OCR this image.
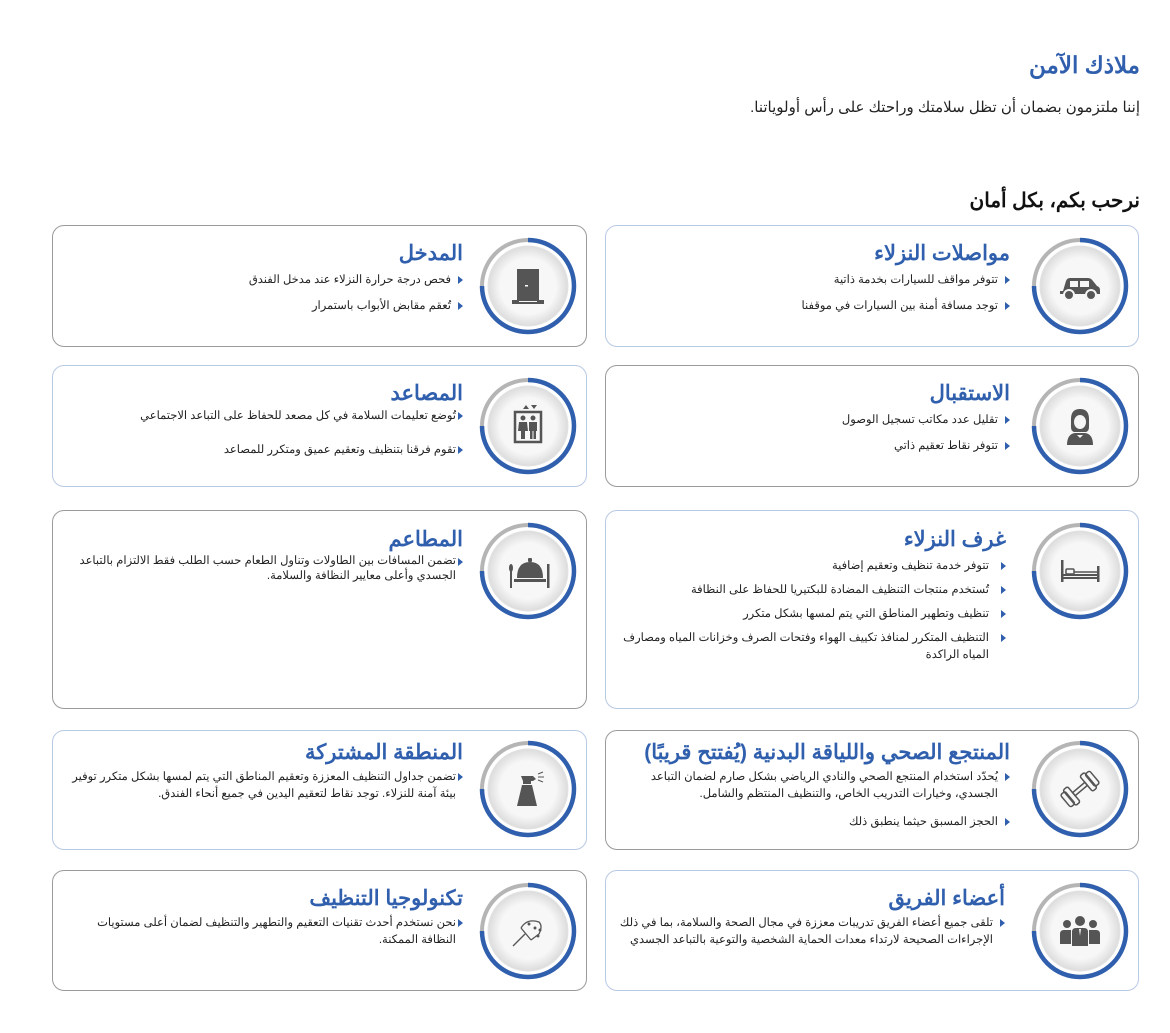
ملاذك الآمن

إننا ملتزمون بضمان أن تظل سلامتك وراحتك على رأس أولوياتنا.

نرحب بكم، بكل أمان
مواصلات النزلاء
تتوفر مواقف للسيارات بخدمة ذاتية
توجد مسافة أمنة بين السيارات في موقفنا
المدخل
فحص درجة حرارة النزلاء عند مدخل الفندق
تُعقم مقابض الأبواب باستمرار
الاستقبال
تقليل عدد مكاتب تسجيل الوصول
تتوفر نقاط تعقيم ذاتي
المصاعد
تُوضع تعليمات السلامة في كل مصعد للحفاظ على التباعد الاجتماعي
تقوم فرقنا بتنظيف وتعقيم عميق ومتكرر للمصاعد
غرف النزلاء
تتوفر خدمة تنظيف وتعقيم إضافية
تُستخدم منتجات التنظيف المضادة للبكتيريا للحفاظ على النظافة
تنظيف وتطهير المناطق التي يتم لمسها بشكل متكرر
التنظيف المتكرر لمنافذ تكييف الهواء وفتحات الصرف وخزانات المياه ومصارف المياه الراكدة
المطاعم
تضمن المسافات بين الطاولات وتناول الطعام حسب الطلب فقط الالتزام بالتباعد الجسدي وأعلى معايير النظافة والسلامة.
المنتجع الصحي واللياقة البدنية (يُفتتح قريبًا)
يُحدّد استخدام المنتجع الصحي والنادي الرياضي بشكل صارم لضمان التباعد الجسدي، وخيارات التدريب الخاص، والتنظيف المنتظم والشامل.
الحجز المسبق حيثما ينطبق ذلك
المنطقة المشتركة
تضمن جداول التنظيف المعززة وتعقيم المناطق التي يتم لمسها بشكل متكرر توفير بيئة آمنة للنزلاء. توجد نقاط لتعقيم اليدين في جميع أنحاء الفندق.
أعضاء الفريق
تلقى جميع أعضاء الفريق تدريبات معززة في مجال الصحة والسلامة، بما في ذلك الإجراءات الصحيحة لارتداء معدات الحماية الشخصية والتوعية بالتباعد الجسدي
تكنولوجيا التنظيف
نحن نستخدم أحدث تقنيات التعقيم والتطهير والتنظيف لضمان أعلى مستويات النظافة الممكنة.
